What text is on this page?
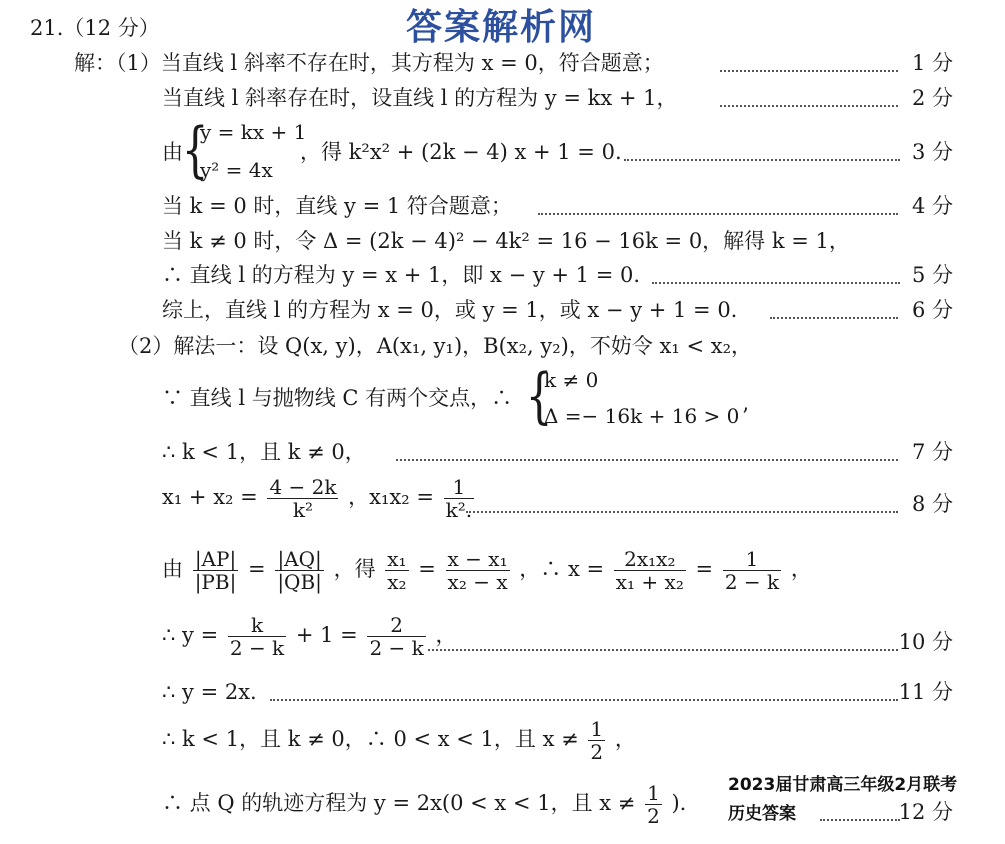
答案解析网
21.（12 分）
解：（1）当直线 l 斜率不存在时，其方程为 x = 0，符合题意；	1 分
当直线 l 斜率存在时，设直线 l 的方程为 y = kx + 1，	2 分
由
{
y = kx + 1
y² = 4x
，得 k²x² + (2k − 4) x + 1 = 0.	3 分
当 k = 0 时，直线 y = 1 符合题意；	4 分
当 k ≠ 0 时，令 Δ = (2k − 4)² − 4k² = 16 − 16k = 0，解得 k = 1，
∴ 直线 l 的方程为 y = x + 1，即 x − y + 1 = 0.	5 分
综上，直线 l 的方程为 x = 0，或 y = 1，或 x − y + 1 = 0.	6 分
（2）解法一：设 Q(x, y)，A(x₁, y₁)，B(x₂, y₂)，不妨令 x₁ < x₂，
∵ 直线 l 与抛物线 C 有两个交点，∴ {
k ≠ 0
Δ =− 16k + 16 > 0 ’
∴ k < 1，且 k ≠ 0，	7 分
$x_1 + x_2 = \frac{4 - 2k}{\text{k²}}$ ，$x_1x_2 = \frac{1}{\text{k².}}$	8 分
由 $\frac{|AP|}{|PB|} = \frac{|AQ|}{|QB|}$ ，得 $\frac{\text{x₁}}{\text{x₂}} = \frac{\text{x − x₁}}{\text{x₂ − x}}$ ，∴ $x = \frac{\text{2x₁x₂}}{\text{x₁ + x₂}} = \frac{1}{2 - k}$ ，
∴ $y = \frac{k}{2 - k} + 1 = \frac{2}{2 - k}$ ，	10 分
∴ y = 2x.	11 分
∴ k < 1，且 k ≠ 0，∴ 0 < x < 1，且 $x \ne \frac{1}{2}$ ，
∴ 点 Q 的轨迹方程为 y = 2x(0 < x < 1，且 $x \ne \frac{1}{2}$ ).	12 分
2023届甘肃高三年级2月联考
历史答案
